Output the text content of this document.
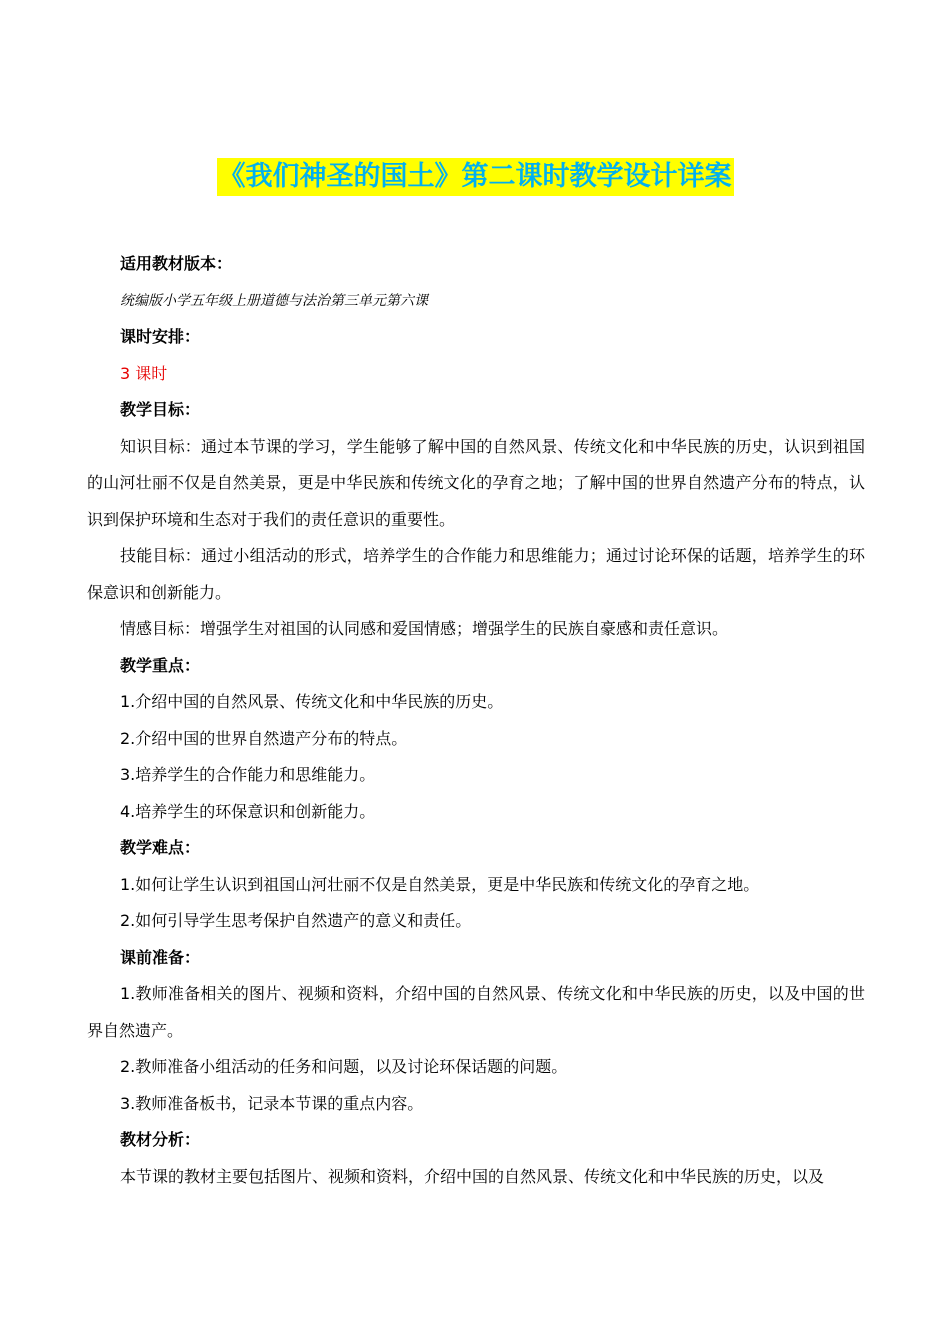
《我们神圣的国土》第二课时教学设计详案
适用教材版本：
统编版小学五年级上册道德与法治第三单元第六课
课时安排：
3 课时
教学目标：
知识目标：通过本节课的学习，学生能够了解中国的自然风景、传统文化和中华民族的历史，认识到祖国的山河壮丽不仅是自然美景，更是中华民族和传统文化的孕育之地；了解中国的世界自然遗产分布的特点，认识到保护环境和生态对于我们的责任意识的重要性。
技能目标：通过小组活动的形式，培养学生的合作能力和思维能力；通过讨论环保的话题，培养学生的环保意识和创新能力。
情感目标：增强学生对祖国的认同感和爱国情感；增强学生的民族自豪感和责任意识。
教学重点：
1.介绍中国的自然风景、传统文化和中华民族的历史。
2.介绍中国的世界自然遗产分布的特点。
3.培养学生的合作能力和思维能力。
4.培养学生的环保意识和创新能力。
教学难点：
1.如何让学生认识到祖国山河壮丽不仅是自然美景，更是中华民族和传统文化的孕育之地。
2.如何引导学生思考保护自然遗产的意义和责任。
课前准备：
1.教师准备相关的图片、视频和资料，介绍中国的自然风景、传统文化和中华民族的历史，以及中国的世界自然遗产。
2.教师准备小组活动的任务和问题，以及讨论环保话题的问题。
3.教师准备板书，记录本节课的重点内容。
教材分析：
本节课的教材主要包括图片、视频和资料，介绍中国的自然风景、传统文化和中华民族的历史，以及
